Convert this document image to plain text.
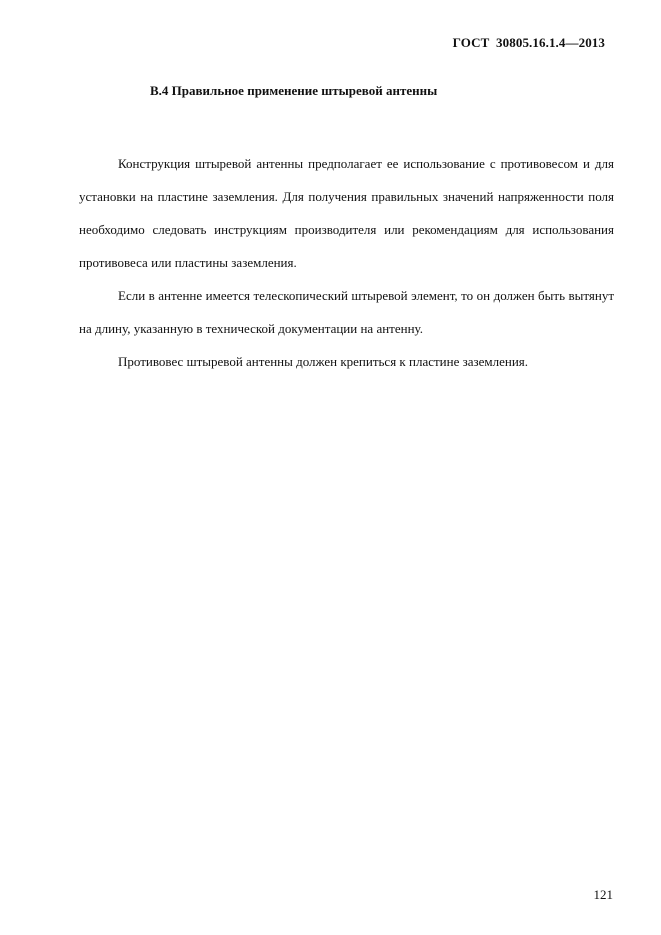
ГОСТ  30805.16.1.4—2013
В.4 Правильное применение штыревой антенны

Конструкция штыревой антенны предполагает ее использование с противовесом и для установки на пластине заземления. Для получения правильных значений напряженности поля необходимо следовать инструкциям производителя или рекомендациям для использования противовеса или пластины заземления.

Если в антенне имеется телескопический штыревой элемент, то он должен быть вытянут на длину, указанную в технической документации на антенну.

Противовес штыревой антенны должен крепиться к пластине заземления.

121
